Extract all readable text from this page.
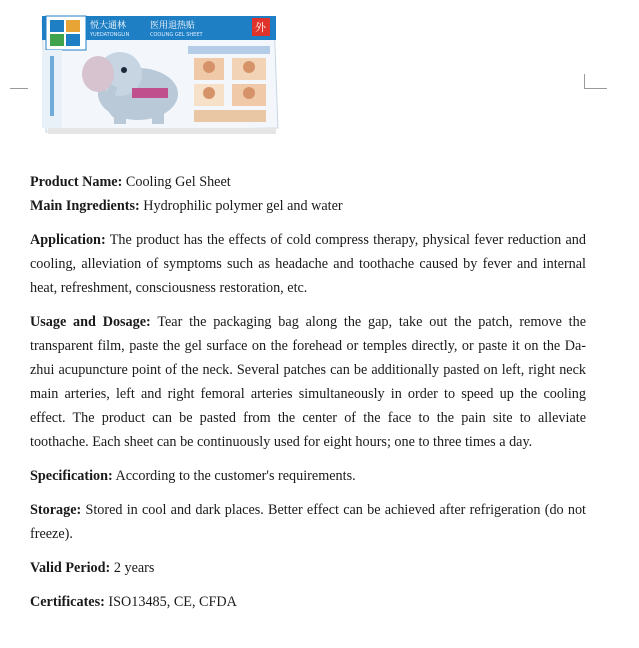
悦大通林
YUEDATONGLIN
医用退热贴
COOLING GEL SHEET
外

Product Name: Cooling Gel Sheet

Main Ingredients: Hydrophilic polymer gel and water

Application: The product has the effects of cold compress therapy, physical fever reduction and cooling, alleviation of symptoms such as headache and toothache caused by fever and internal heat, refreshment, consciousness restoration, etc.

Usage and Dosage: Tear the packaging bag along the gap, take out the patch, remove the transparent film, paste the gel surface on the forehead or temples directly, or paste it on the Da-zhui acupuncture point of the neck. Several patches can be additionally pasted on left, right neck main arteries, left and right femoral arteries simultaneously in order to speed up the cooling effect. The product can be pasted from the center of the face to the pain site to alleviate toothache. Each sheet can be continuously used for eight hours; one to three times a day.

Specification: According to the customer's requirements.

Storage: Stored in cool and dark places. Better effect can be achieved after refrigeration (do not freeze).

Valid Period: 2 years

Certificates: ISO13485, CE, CFDA
